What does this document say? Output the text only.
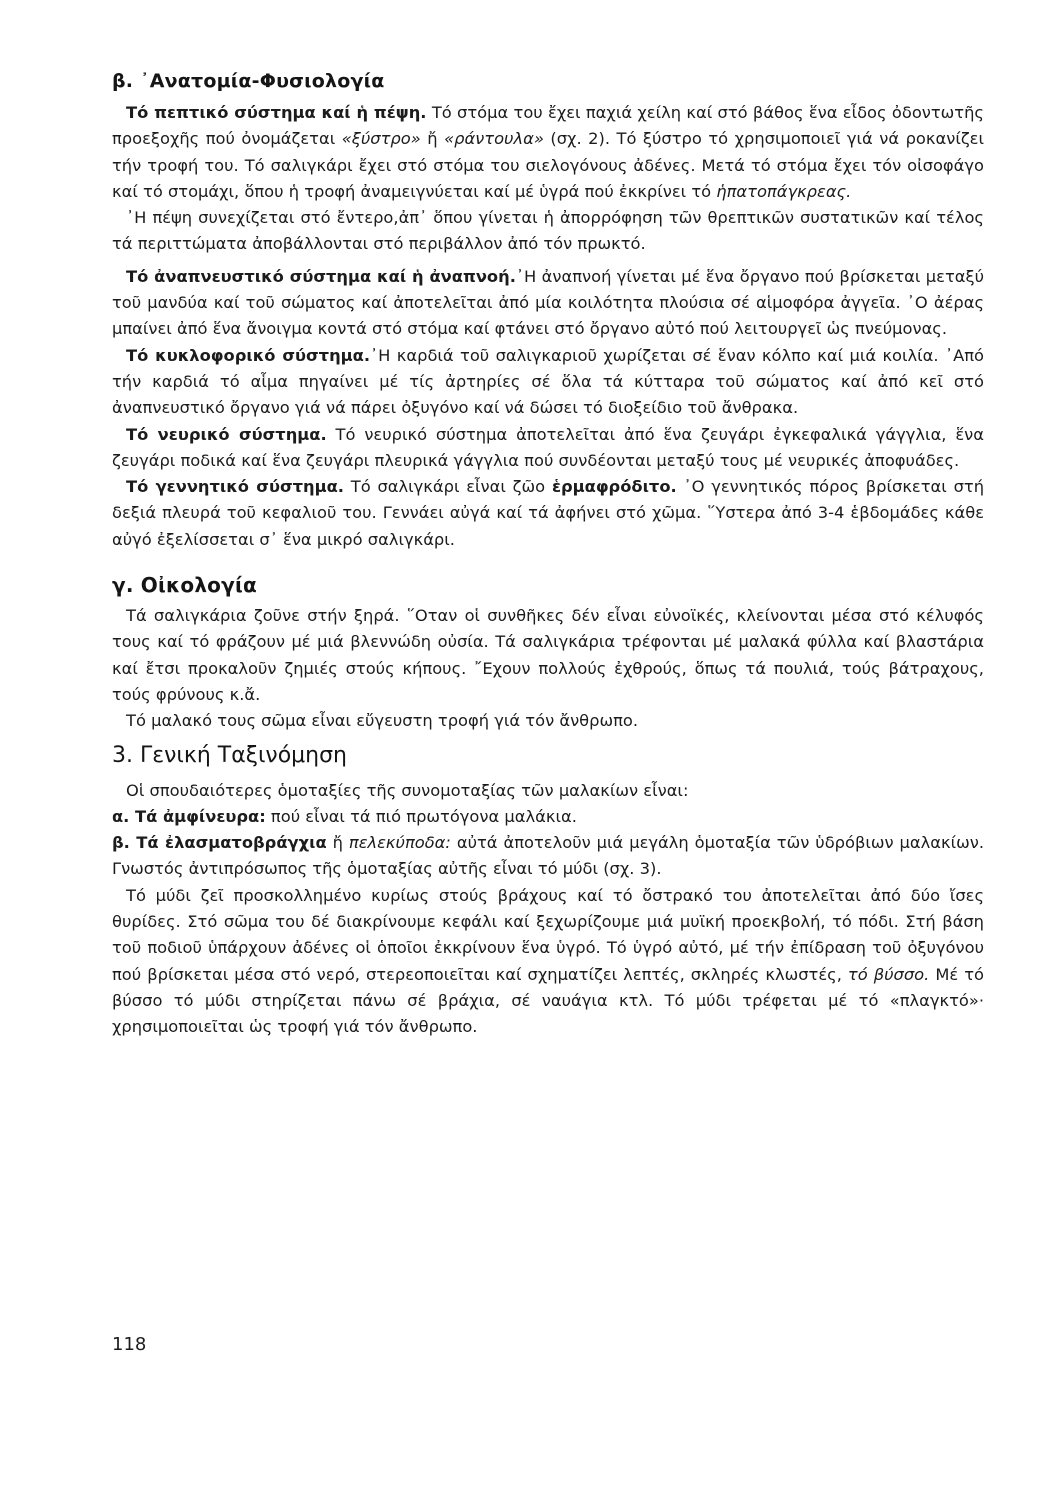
β. ᾽Ανατομία-Φυσιολογία

Τό πεπτικό σύστημα καί ἡ πέψη. Τό στόμα του ἔχει παχιά χείλη καί στό βάθος ἕνα εἶδος ὀδοντωτῆς προεξοχῆς πού ὀνομάζεται «ξύστρο» ἤ «ράντουλα» (σχ. 2). Τό ξύστρο τό χρησιμοποιεῖ γιά νά ροκανίζει τήν τροφή του. Τό σαλιγκάρι ἔχει στό στόμα του σιελογόνους ἀδένες. Μετά τό στόμα ἔχει τόν οἰσοφάγο καί τό στομάχι, ὅπου ἡ τροφή ἀναμειγνύεται καί μέ ὑγρά πού ἐκκρίνει τό ἡπατοπάγκρεας.

᾽Η πέψη συνεχίζεται στό ἔντερο,ἀπ᾽ ὅπου γίνεται ἡ ἀπορρόφηση τῶν θρεπτικῶν συστατικῶν καί τέλος τά περιττώματα ἀποβάλλονται στό περιβάλλον ἀπό τόν πρωκτό.

Τό ἀναπνευστικό σύστημα καί ἡ ἀναπνοή.᾽Η ἀναπνοή γίνεται μέ ἕνα ὄργανο πού βρίσκεται μεταξύ τοῦ μανδύα καί τοῦ σώματος καί ἀποτελεῖται ἀπό μία κοιλότητα πλούσια σέ αἱμοφόρα ἀγγεῖα. ᾽Ο ἀέρας μπαίνει ἀπό ἕνα ἄνοιγμα κοντά στό στόμα καί φτάνει στό ὄργανο αὐτό πού λειτουργεῖ ὡς πνεύμονας.

Τό κυκλοφορικό σύστημα.᾽Η καρδιά τοῦ σαλιγκαριοῦ χωρίζεται σέ ἕναν κόλπο καί μιά κοιλία. ᾽Από τήν καρδιά τό αἷμα πηγαίνει μέ τίς ἀρτηρίες σέ ὅλα τά κύτταρα τοῦ σώματος καί ἀπό κεῖ στό ἀναπνευστικό ὄργανο γιά νά πάρει ὀξυγόνο καί νά δώσει τό διοξείδιο τοῦ ἄνθρακα.

Τό νευρικό σύστημα. Τό νευρικό σύστημα ἀποτελεῖται ἀπό ἕνα ζευγάρι ἐγκεφαλικά γάγγλια, ἕνα ζευγάρι ποδικά καί ἕνα ζευγάρι πλευρικά γάγγλια πού συνδέονται μεταξύ τους μέ νευρικές ἀποφυάδες.

Τό γεννητικό σύστημα. Τό σαλιγκάρι εἶναι ζῶο ἑρμαφρόδιτο. ᾽Ο γεννητικός πόρος βρίσκεται στή δεξιά πλευρά τοῦ κεφαλιοῦ του. Γεννάει αὐγά καί τά ἀφήνει στό χῶμα. ῞Υστερα ἀπό 3-4 ἑβδομάδες κάθε αὐγό ἐξελίσσεται σ᾽ ἕνα μικρό σαλιγκάρι.

γ. Οἰκολογία

Τά σαλιγκάρια ζοῦνε στήν ξηρά. ῞Οταν οἱ συνθῆκες δέν εἶναι εὐνοϊκές, κλείνονται μέσα στό κέλυφός τους καί τό φράζουν μέ μιά βλεννώδη οὐσία. Τά σαλιγκάρια τρέφονται μέ μαλακά φύλλα καί βλαστάρια καί ἔτσι προκαλοῦν ζημιές στούς κήπους. ῎Εχουν πολλούς ἐχθρούς, ὅπως τά πουλιά, τούς βάτραχους, τούς φρύνους κ.ἄ.

Τό μαλακό τους σῶμα εἶναι εὔγευστη τροφή γιά τόν ἄνθρωπο.

3. Γενική Ταξινόμηση

Οἱ σπουδαιότερες ὁμοταξίες τῆς συνομοταξίας τῶν μαλακίων εἶναι:

α. Τά ἀμφίνευρα: πού εἶναι τά πιό πρωτόγονα μαλάκια.

β. Τά ἐλασματοβράγχια ἤ πελεκύποδα: αὐτά ἀποτελοῦν μιά μεγάλη ὁμοταξία τῶν ὑδρόβιων μαλακίων. Γνωστός ἀντιπρόσωπος τῆς ὁμοταξίας αὐτῆς εἶναι τό μύδι (σχ. 3).

Τό μύδι ζεῖ προσκολλημένο κυρίως στούς βράχους καί τό ὄστρακό του ἀποτελεῖται ἀπό δύο ἴσες θυρίδες. Στό σῶμα του δέ διακρίνουμε κεφάλι καί ξεχωρίζουμε μιά μυϊκή προεκβολή, τό πόδι. Στή βάση τοῦ ποδιοῦ ὑπάρχουν ἀδένες οἱ ὁποῖοι ἐκκρίνουν ἕνα ὑγρό. Τό ὑγρό αὐτό, μέ τήν ἐπίδραση τοῦ ὀξυγόνου πού βρίσκεται μέσα στό νερό, στερεοποιεῖται καί σχηματίζει λεπτές, σκληρές κλωστές, τό βύσσο. Μέ τό βύσσο τό μύδι στηρίζεται πάνω σέ βράχια, σέ ναυάγια κτλ. Τό μύδι τρέφεται μέ τό «πλαγκτό»· χρησιμοποιεῖται ὡς τροφή γιά τόν ἄνθρωπο.

118
